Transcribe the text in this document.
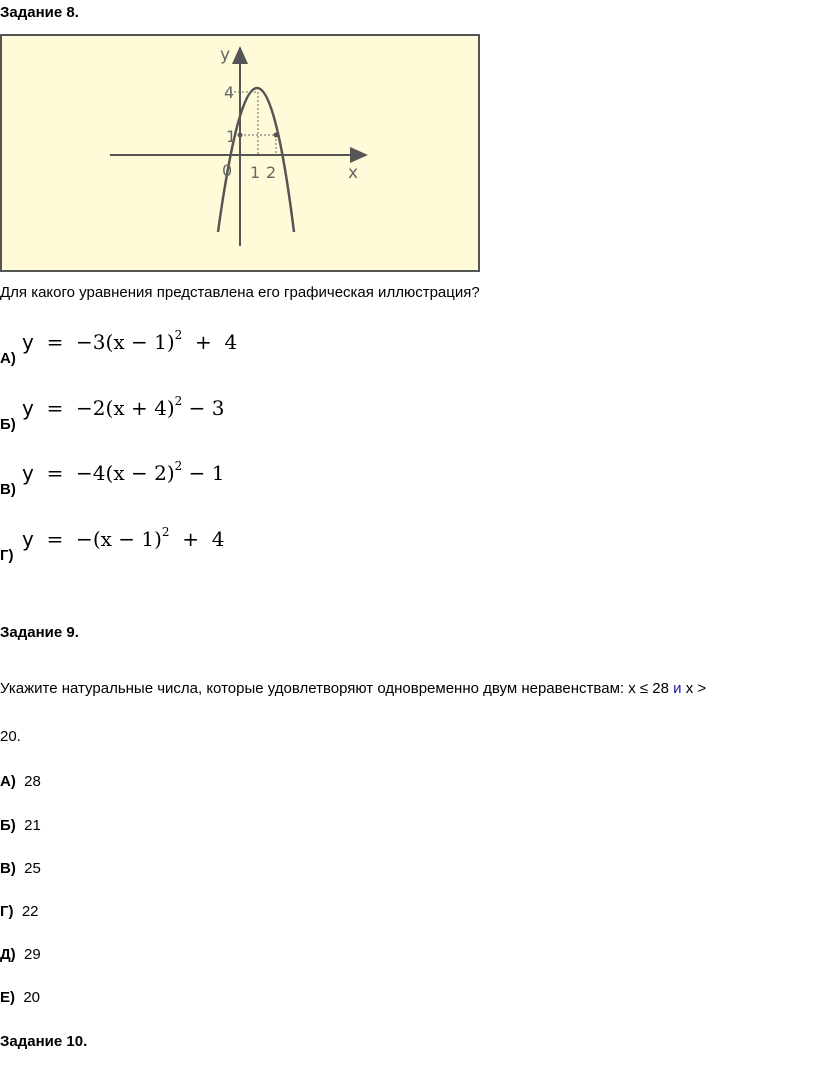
Задание 8.
y
x
4
1
0 1 2
Для какого уравнения представлена его графическая иллюстрация?
А)
$y = -3(x - 1)^2 + 4$
Б)
$y = -2(x + 4)^2 - 3$
В)
$y = -4(x - 2)^2 - 1$
Г)
$y = -(x - 1)^2 + 4$
Задание 9.
Укажите натуральные числа, которые удовлетворяют одновременно двум неравенствам: x ≤ 28 и x >
20.
А) 28
Б) 21
В) 25
Г) 22
Д) 29
Е) 20
Задание 10.
